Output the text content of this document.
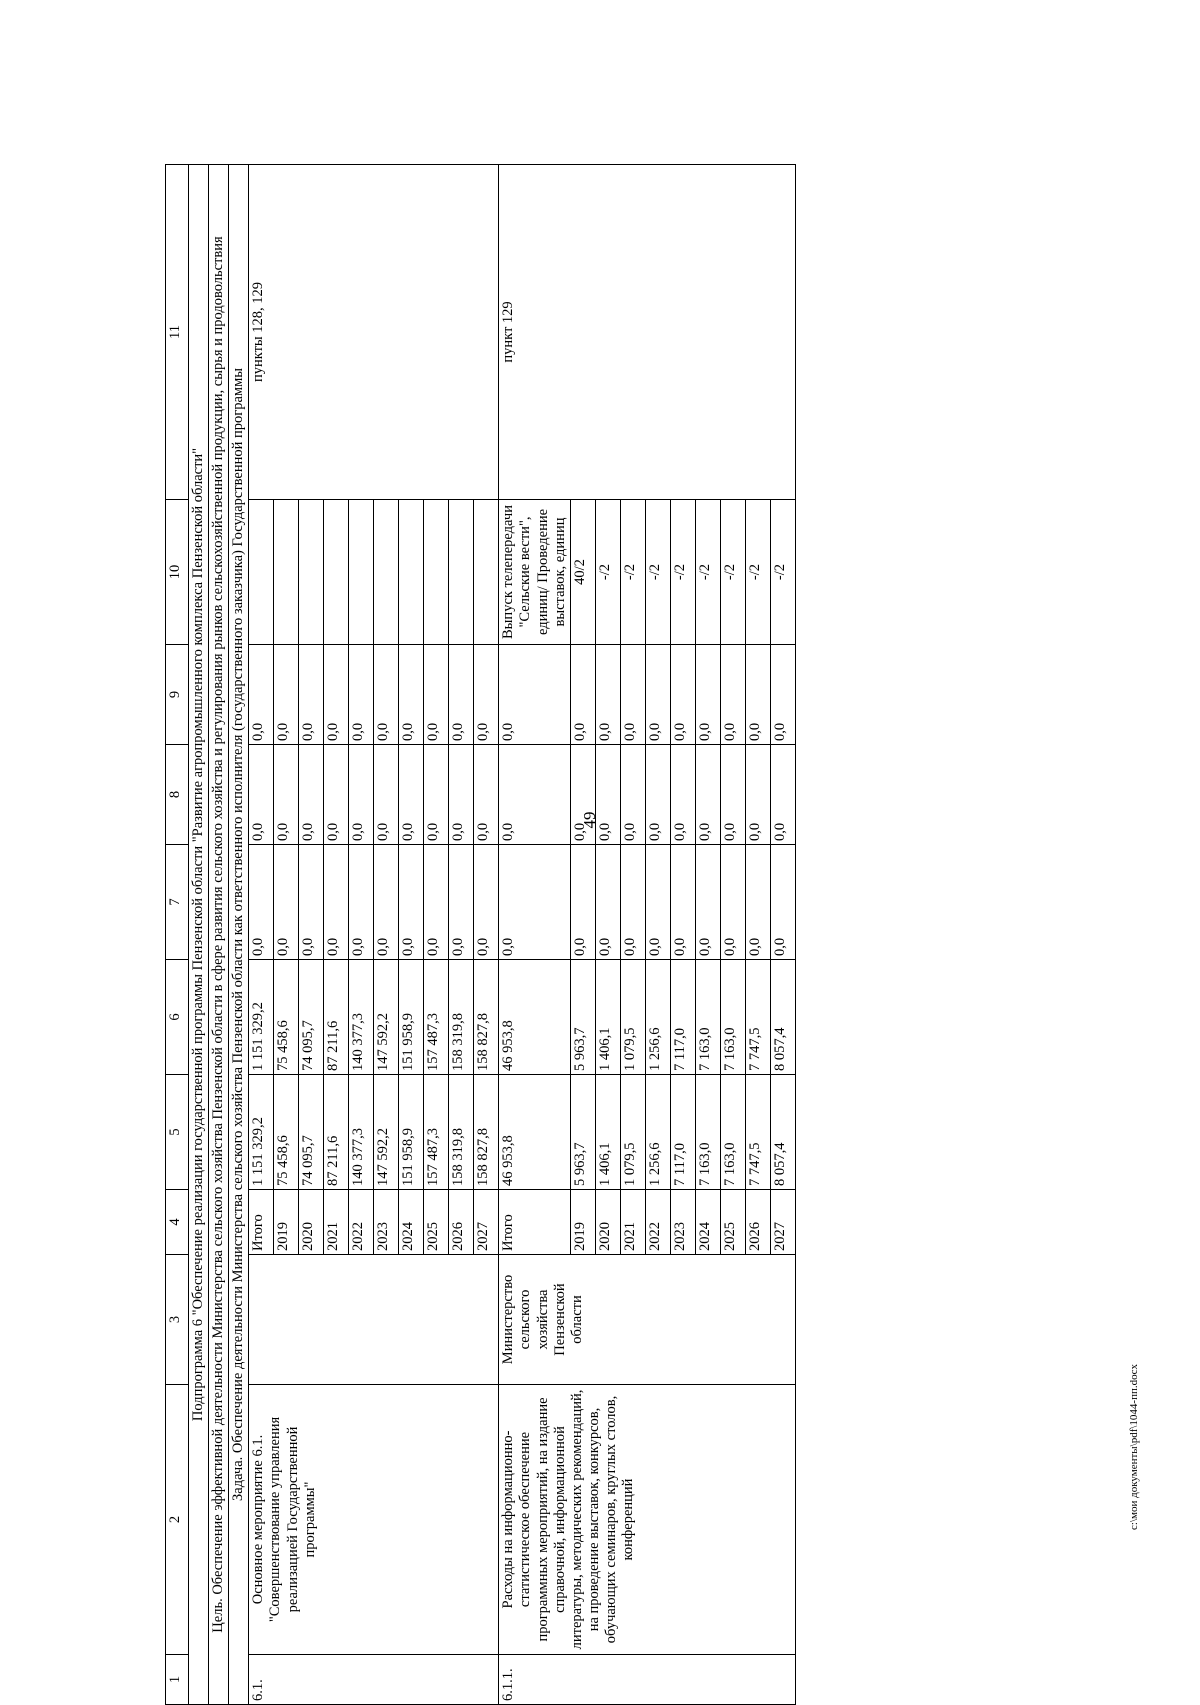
49
1	2	3	4	5	6	7	8	9	10	11
Подпрограмма 6 "Обеспечение реализации государственной программы Пензенской области "Развитие агропромышленного комплекса Пензенской области"										
Цель. Обеспечение эффективной деятельности Министерства сельского хозяйства Пензенской области в сфере развития сельского хозяйства и регулирования рынков сельскохозяйственной продукции, сырья и продовольствия										
Задача. Обеспечение деятельности Министерства сельского хозяйства Пензенской области как ответственного исполнителя (государственного заказчика) Государственной программы										
6.1.	Основное мероприятие 6.1. "Совершенствование управления реализацией Государственной программы"		Итого	1 151 329,2	1 151 329,2	0,0	0,0	0,0		пункты 128, 129
			2019	75 458,6	75 458,6	0,0	0,0	0,0		
			2020	74 095,7	74 095,7	0,0	0,0	0,0		
			2021	87 211,6	87 211,6	0,0	0,0	0,0		
			2022	140 377,3	140 377,3	0,0	0,0	0,0		
			2023	147 592,2	147 592,2	0,0	0,0	0,0		
			2024	151 958,9	151 958,9	0,0	0,0	0,0		
			2025	157 487,3	157 487,3	0,0	0,0	0,0		
			2026	158 319,8	158 319,8	0,0	0,0	0,0		
			2027	158 827,8	158 827,8	0,0	0,0	0,0		
6.1.1.	Расходы на информационно-статистическое обеспечение программных мероприятий, на издание справочной, информационной литературы, методических рекомендаций, на проведение выставок, конкурсов, обучающих семинаров, круглых столов, конференций	Министерство сельского хозяйства Пензенской области	Итого	46 953,8	46 953,8	0,0	0,0	0,0	Выпуск телепередачи "Сельские вести", единиц/ Проведение выставок, единиц	пункт 129
			2019	5 963,7	5 963,7	0,0	0,0	0,0	40/2	
			2020	1 406,1	1 406,1	0,0	0,0	0,0	-/2	
			2021	1 079,5	1 079,5	0,0	0,0	0,0	-/2	
			2022	1 256,6	1 256,6	0,0	0,0	0,0	-/2	
			2023	7 117,0	7 117,0	0,0	0,0	0,0	-/2	
			2024	7 163,0	7 163,0	0,0	0,0	0,0	-/2	
			2025	7 163,0	7 163,0	0,0	0,0	0,0	-/2	
			2026	7 747,5	7 747,5	0,0	0,0	0,0	-/2	
			2027	8 057,4	8 057,4	0,0	0,0	0,0	-/2	
c:\мои документы\pdf\1044-пп.docx
